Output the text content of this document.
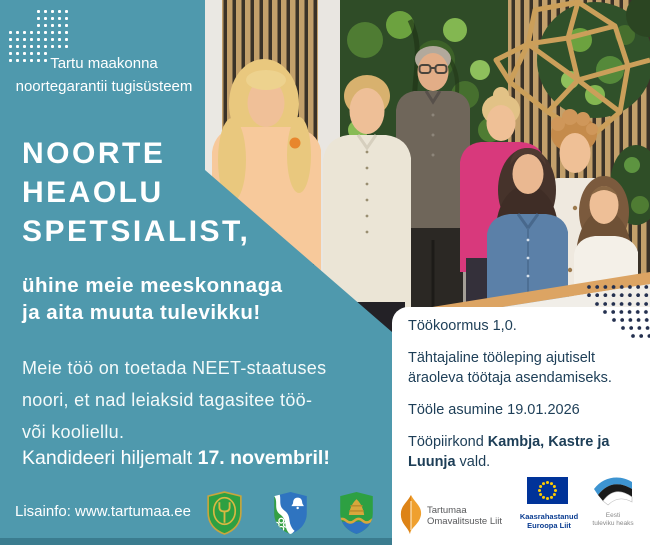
Tartu maakonna
noortegarantii tugisüsteem
NOORTE
HEAOLU
SPETSIALIST,
ühine meie meeskonnaga
ja aita muuta tulevikku!
Meie töö on toetada NEET-staatuses
noori, et nad leiaksid tagasitee töö-
või kooliellu.
Kandideeri hiljemalt 17. novembril!
Lisainfo: www.tartumaa.ee

Töökoormus 1,0.

Tähtajaline tööleping ajutiselt
äraoleva töötaja asendamiseks.

Tööle asumine 19.01.2026

Tööpiirkond Kambja, Kastre ja
Luunja vald.

Tartumaa
Omavalitsuste Liit	Kaasrahastanud
Euroopa Liit
Eesti
tuleviku heaks
